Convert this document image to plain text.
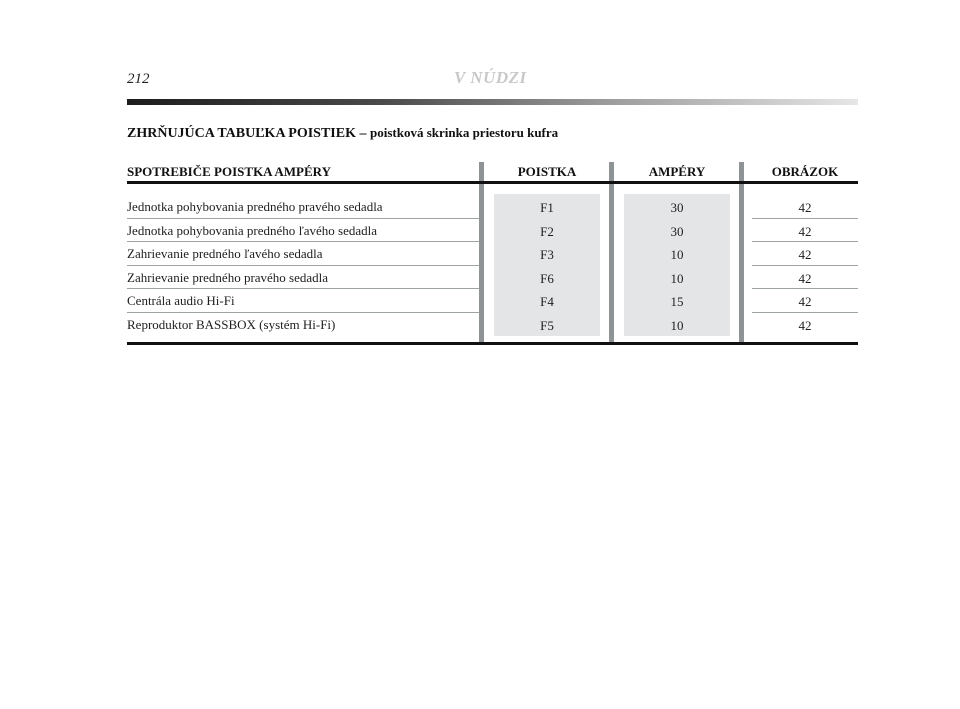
212	V NÚDZI
ZHRŇUJÚCA TABUĽKA POISTIEK – poistková skrinka priestoru kufra
SPOTREBIČE POISTKA AMPÉRY	POISTKA	AMPÉRY	OBRÁZOK
Jednotka pohybovania predného pravého sedadla	F1	30	42
Jednotka pohybovania predného ľavého sedadla	F2	30	42
Zahrievanie predného ľavého sedadla	F3	10	42
Zahrievanie predného pravého sedadla	F6	10	42
Centrála audio Hi-Fi	F4	15	42
Reproduktor BASSBOX (systém Hi-Fi)	F5	10	42
